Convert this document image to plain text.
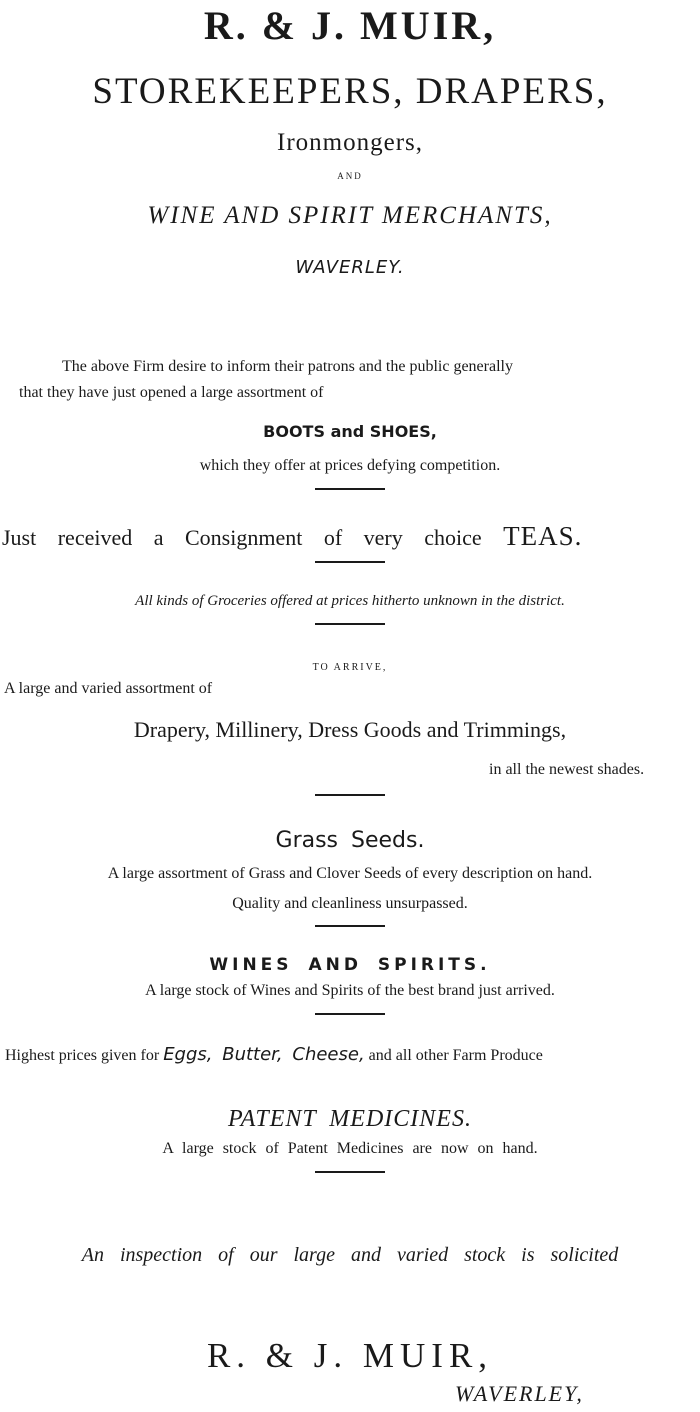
R. & J. MUIR,
STOREKEEPERS, DRAPERS,
Ironmongers,
AND
WINE AND SPIRIT MERCHANTS,
WAVERLEY.
The above Firm desire to inform their patrons and the public generally
that they have just opened a large assortment of
BOOTS and SHOES,
which they offer at prices defying competition.
Just received a Consignment of very choice TEAS.
All kinds of Groceries offered at prices hitherto unknown in the district.
TO ARRIVE,
A large and varied assortment of
Drapery, Millinery, Dress Goods and Trimmings,
in all the newest shades.
Grass Seeds.
A large assortment of Grass and Clover Seeds of every description on hand.
Quality and cleanliness unsurpassed.
WINES AND SPIRITS.
A large stock of Wines and Spirits of the best brand just arrived.
Highest prices given for Eggs, Butter, Cheese, and all other Farm Produce
PATENT MEDICINES.
A large stock of Patent Medicines are now on hand.
An inspection of our large and varied stock is solicited
R. & J. MUIR,
WAVERLEY,
